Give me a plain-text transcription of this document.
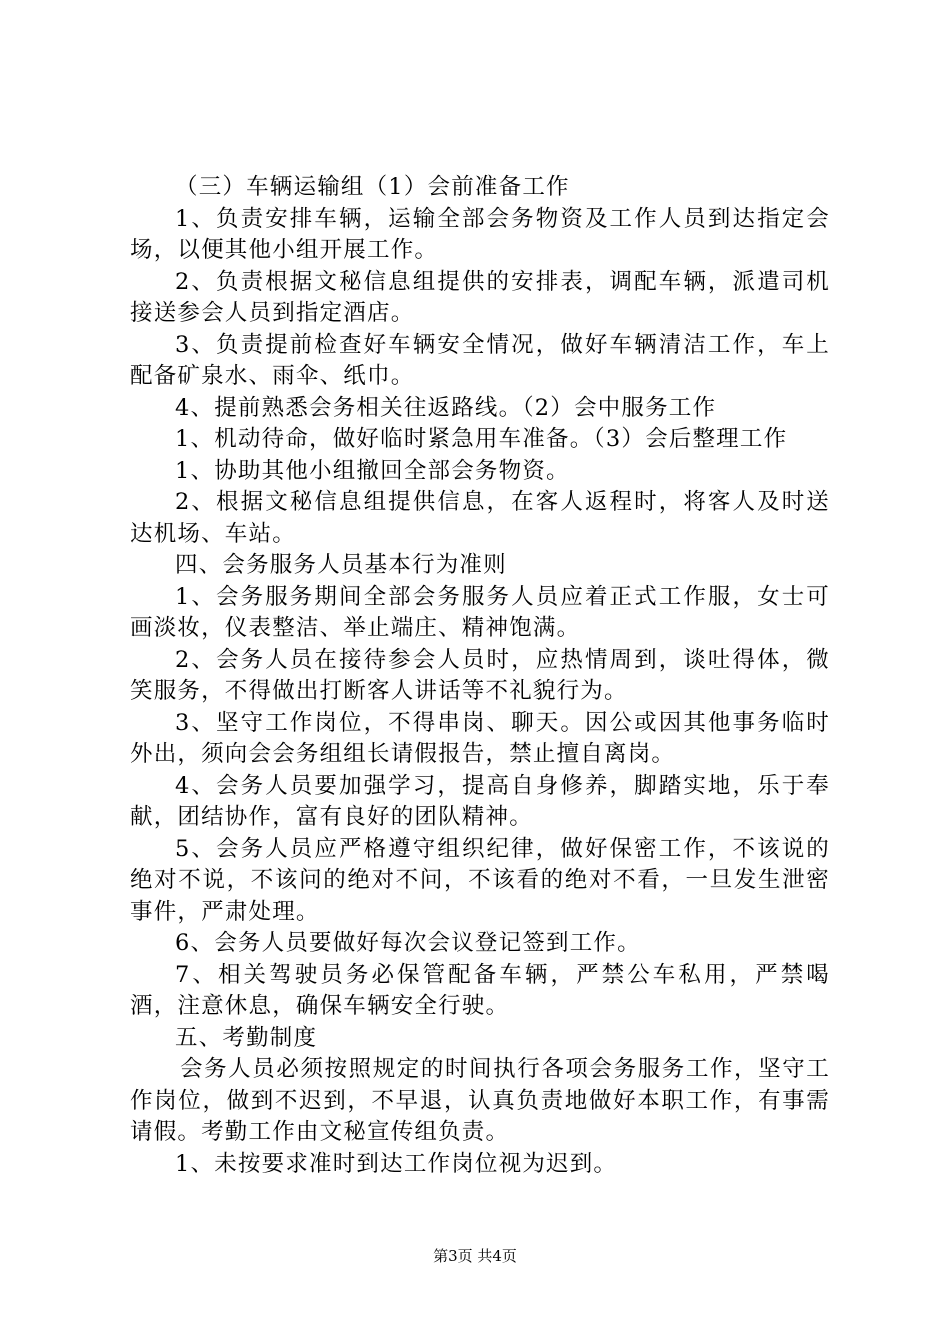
（三）车辆运输组（1）会前准备工作

1、负责安排车辆，运输全部会务物资及工作人员到达指定会场，以便其他小组开展工作。

2、负责根据文秘信息组提供的安排表，调配车辆，派遣司机接送参会人员到指定酒店。

3、负责提前检查好车辆安全情况，做好车辆清洁工作，车上配备矿泉水、雨伞、纸巾。

4、提前熟悉会务相关往返路线。（2）会中服务工作

1、机动待命，做好临时紧急用车准备。（3）会后整理工作

1、协助其他小组撤回全部会务物资。

2、根据文秘信息组提供信息，在客人返程时，将客人及时送达机场、车站。

四、会务服务人员基本行为准则

1、会务服务期间全部会务服务人员应着正式工作服，女士可画淡妆，仪表整洁、举止端庄、精神饱满。

2、会务人员在接待参会人员时，应热情周到，谈吐得体，微笑服务，不得做出打断客人讲话等不礼貌行为。

3、坚守工作岗位，不得串岗、聊天。因公或因其他事务临时外出，须向会会务组组长请假报告，禁止擅自离岗。

4、会务人员要加强学习，提高自身修养，脚踏实地，乐于奉献，团结协作，富有良好的团队精神。

5、会务人员应严格遵守组织纪律，做好保密工作，不该说的绝对不说，不该问的绝对不问，不该看的绝对不看，一旦发生泄密事件，严肃处理。

6、会务人员要做好每次会议登记签到工作。

7、相关驾驶员务必保管配备车辆，严禁公车私用，严禁喝酒，注意休息，确保车辆安全行驶。

五、考勤制度

会务人员必须按照规定的时间执行各项会务服务工作，坚守工作岗位，做到不迟到，不早退，认真负责地做好本职工作，有事需请假。考勤工作由文秘宣传组负责。

1、未按要求准时到达工作岗位视为迟到。

第3页 共4页
